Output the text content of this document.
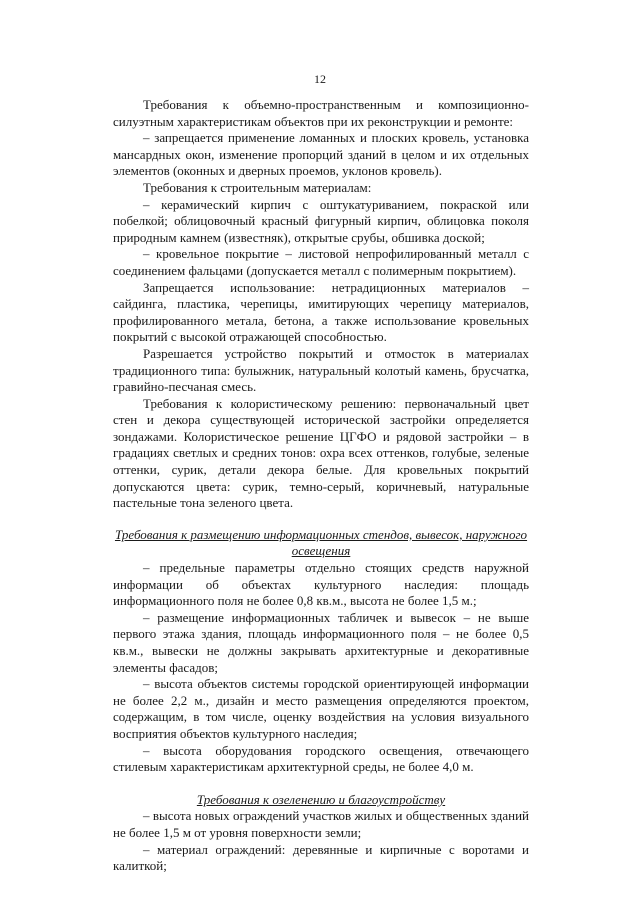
12

Требования к объемно-пространственным и композиционно-силуэтным характеристикам объектов при их реконструкции и ремонте:

– запрещается применение ломанных и плоских кровель, установка мансардных окон, изменение пропорций зданий в целом и их отдельных элементов (оконных и дверных проемов, уклонов кровель).

Требования к строительным материалам:

– керамический кирпич с оштукатуриванием, покраской или побелкой; облицовочный красный фигурный кирпич, облицовка поколя природным камнем (известняк), открытые срубы, обшивка доской;

– кровельное покрытие – листовой непрофилированный металл с соединением фальцами (допускается металл с полимерным покрытием).

Запрещается использование: нетрадиционных материалов – сайдинга, пластика, черепицы, имитирующих черепицу материалов, профилированного метала, бетона, а также использование кровельных покрытий с высокой отражающей способностью.

Разрешается устройство покрытий и отмосток в материалах традиционного типа: булыжник, натуральный колотый камень, брусчатка, гравийно-песчаная смесь.

Требования к колористическому решению: первоначальный цвет стен и декора существующей исторической застройки определяется зондажами. Колористическое решение ЦГФО и рядовой застройки – в градациях светлых и средних тонов: охра всех оттенков, голубые, зеленые оттенки, сурик, детали декора белые. Для кровельных покрытий допускаются цвета: сурик, темно-серый, коричневый, натуральные пастельные тона зеленого цвета.

Требования к размещению информационных стендов, вывесок, наружного освещения

– предельные параметры отдельно стоящих средств наружной информации об объектах культурного наследия: площадь информационного поля не более 0,8 кв.м., высота не более 1,5 м.;

– размещение информационных табличек и вывесок – не выше первого этажа здания, площадь информационного поля – не более 0,5 кв.м., вывески не должны закрывать архитектурные и декоративные элементы фасадов;

– высота объектов системы городской ориентирующей информации не более 2,2 м., дизайн и место размещения определяются проектом, содержащим, в том числе, оценку воздействия на условия визуального восприятия объектов культурного наследия;

– высота оборудования городского освещения, отвечающего стилевым характеристикам архитектурной среды, не более 4,0 м.

Требования к озеленению и благоустройству

– высота новых ограждений участков жилых и общественных зданий не более 1,5 м от уровня поверхности земли;

– материал ограждений: деревянные и кирпичные с воротами и калиткой;
